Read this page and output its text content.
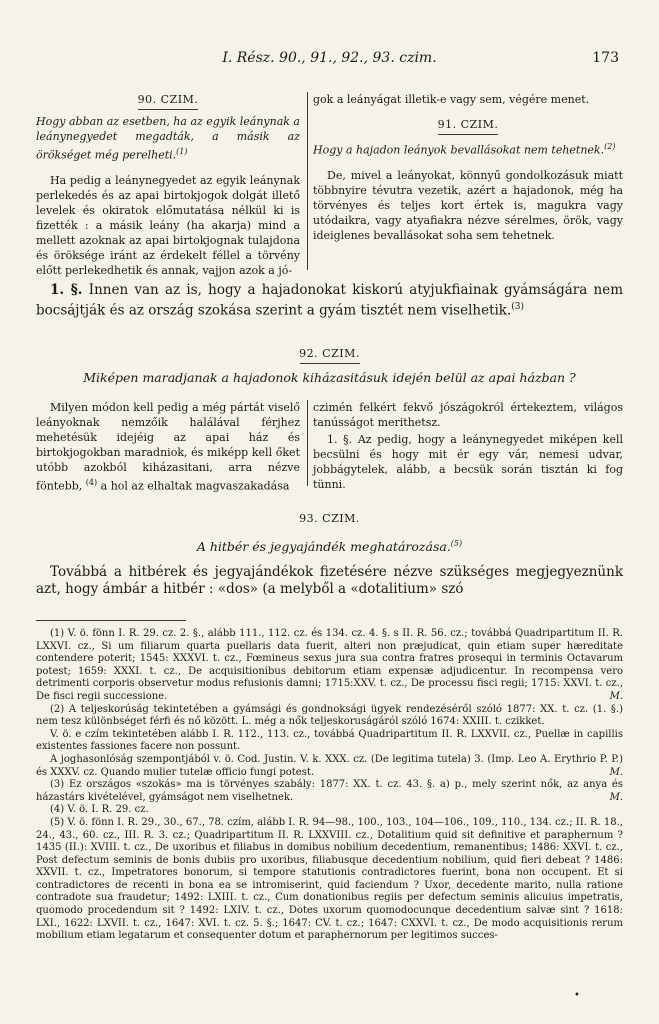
I. Rész. 90., 91., 92., 93. czim.	173

90. CZIM.

Hogy abban az esetben, ha az egyik leánynak a leánynegyedet megadták, a másik az örökséget még perelheti.$^{(1)}$

Ha pedig a leánynegyedet az egyik leánynak perlekedés és az apai birtokjogok dolgát illető levelek és okiratok előmutatása nélkül ki is fizették : a másik leány (ha akarja) mind a mellett azoknak az apai birtokjognak tulajdona és öröksége iránt az érdekelt féllel a törvény előtt perlekedhetik és annak, vajjon azok a jó-

gok a leányágat illetik-e vagy sem, végére menet.

91. CZIM.

Hogy a hajadon leányok bevallásokat nem tehetnek.$^{(2)}$

De, mivel a leányokat, könnyű gondolkozásuk miatt többnyire tévutra vezetik, azért a hajadonok, még ha törvényes és teljes kort értek is, magukra vagy utódaikra, vagy atyafiakra nézve sérelmes, örök, vagy ideiglenes bevallásokat soha sem tehetnek.

1. §. Innen van az is, hogy a hajadonokat kiskorú atyjukfiainak gyámságára nem bocsájtják és az ország szokása szerint a gyám tisztét nem viselhetik.$^{(3)}$

92. CZIM.

Miképen maradjanak a hajadonok kiházasitásuk idején belül az apai házban ?

Milyen módon kell pedig a még pártát viselő leányoknak nemzőik halálával férjhez mehetésük idejéig az apai ház és birtokjogokban maradniok, és miképp kell őket utóbb azokból kiházasitani, arra nézve föntebb, $^{(4)}$ a hol az elhaltak magvaszakadása

czimén felkért fekvő jószágokról értekeztem, világos tanússágot merithetsz.

1. §. Az pedig, hogy a leánynegyedet miképen kell becsülni és hogy mit ér egy vár, nemesi udvar, jobbágytelek, alább, a becsük során tisztán ki fog tünni.

93. CZIM.

A hitbér és jegyajándék meghatározása.$^{(5)}$

Továbbá a hitbérek és jegyajándékok fizetésére nézve szükséges megjegyeznünk azt, hogy ámbár a hitbér : «dos» (a melyből a «dotalitium» szó

(1) V. ö. fönn I. R. 29. cz. 2. §., alább 111., 112. cz. és 134. cz. 4. §. s II. R. 56. cz.; továbbá Quadripartitum II. R. LXXVI. cz., Si um filiarum quarta puellaris data fuerit, alteri non præjudicat, quin etiam super hæreditate contendere poterit; 1545: XXXVI. t. cz., Fœmineus sexus jura sua contra fratres prosequi in terminis Octavarum potest; 1659: XXXI. t. cz., De acquisitionibus debitorum etiam expensæ adjudicentur. In recompensa vero detrimenti corporis observetur modus refusionis damni; 1715:XXV. t. cz., De processu fisci regii; 1715: XXVI. t. cz., De fisci regii successione.	M.

(2) A teljeskorúság tekintetében a gyámsági és gondnoksági ügyek rendezéséről szóló 1877: XX. t. cz. (1. §.) nem tesz különbséget férfi és nő között. L. még a nők teljeskoruságáról szóló 1674: XXIII. t. czikket.

V. ö. e czím tekintetében alább I. R. 112., 113. cz., továbbá Quadripartitum II. R. LXXVII. cz., Puellæ in capillis existentes fassiones facere non possunt.

A joghasonlóság szempontjából v. ö. Cod. Justin. V. k. XXX. cz. (De legitima tutela) 3. (Imp. Leo A. Erythrio P. P.) és XXXV. cz. Quando mulier tutelæ officio fungi potest.	M.

(3) Ez országos «szokás» ma is törvényes szabály: 1877: XX. t. cz. 43. §. a) p., mely szerint nők, az anya és házastárs kivételével, gyámságot nem viselhetnek.	M.

(4) V. ö. I. R. 29. cz.

(5) V. ö. fönn I. R. 29., 30., 67., 78. czím, alább I. R. 94—98., 100., 103., 104—106., 109., 110., 134. cz.; II. R. 18., 24., 43., 60. cz., III. R. 3. cz.; Quadripartitum II. R. LXXVIII. cz., Dotalitium quid sit definitive et paraphernum ? 1435 (II.): XVIII. t. cz., De uxoribus et filiabus in domibus nobilium decedentium, remanentibus; 1486: XXVI. t. cz., Post defectum seminis de bonis dubiis pro uxoribus, filiabusque decedentium nobilium, quid fieri debeat ? 1486: XXVII. t. cz., Impetratores bonorum, si tempore statutionis contradictores fuerint, bona non occupent. Et si contradictores de recenti in bona ea se intromiserint, quid faciendum ? Uxor, decedente marito, nulla ratione contradote sua fraudetur; 1492: LXIII. t. cz., Cum donationibus regiis per defectum seminis alicuius impetratis, quomodo procedendum sit ? 1492: LXIV. t. cz., Dotes uxorum quomodocunque decedentium salvæ sint ? 1618: LXI., 1622: LXVII. t. cz., 1647: XVI. t. cz. 5. §.; 1647: CV. t. cz.; 1647: CXXVI. t. cz., De modo acquisitionis rerum mobilium etiam legatarum et consequenter dotum et paraphernorum per legitimos succes-

•
